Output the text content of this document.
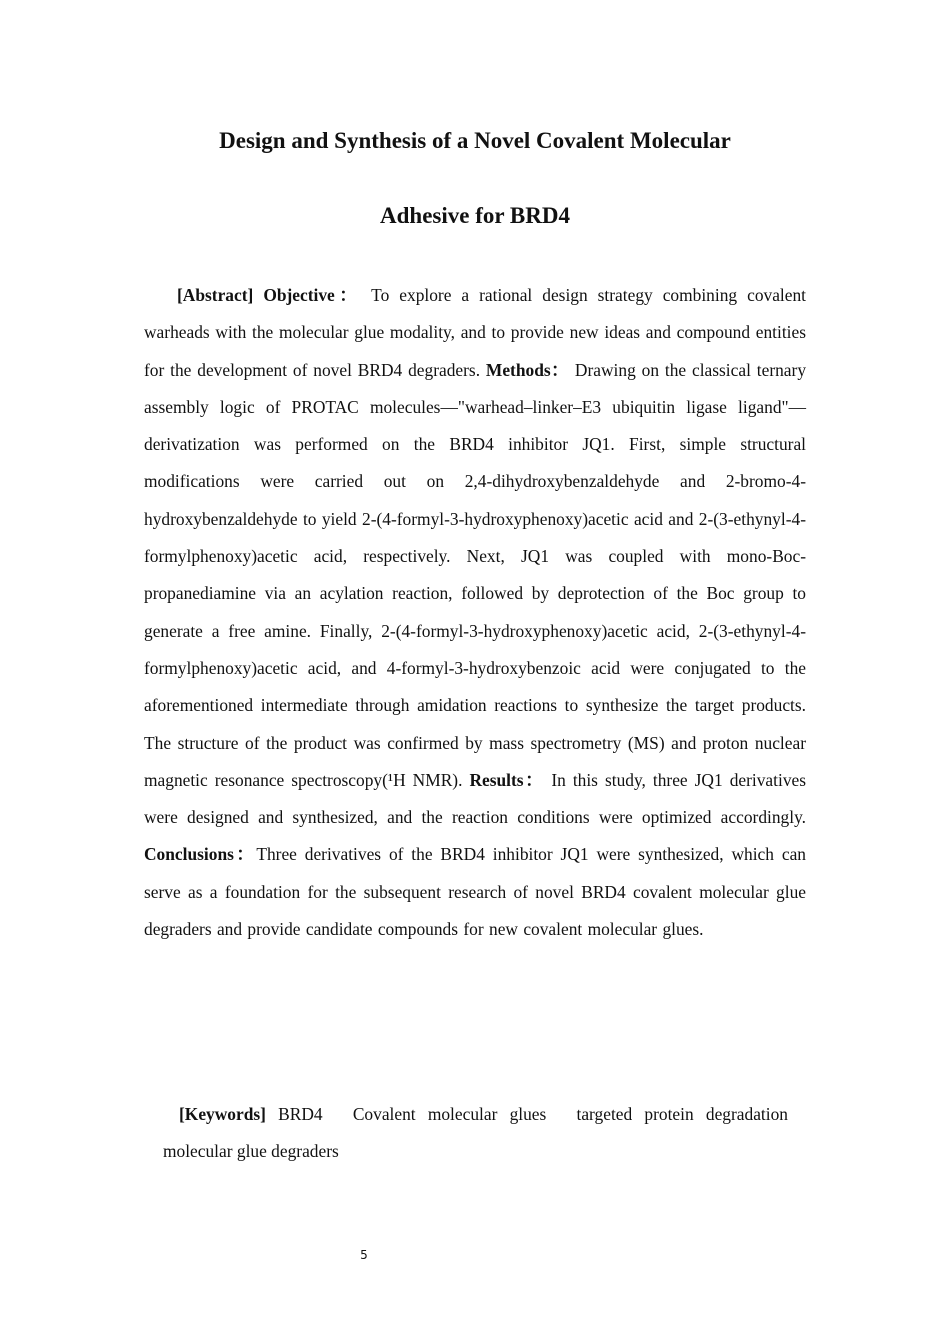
Design and Synthesis of a Novel Covalent Molecular
Adhesive for BRD4

[Abstract] Objective： To explore a rational design strategy combining covalent warheads with the molecular glue modality, and to provide new ideas and compound entities for the development of novel BRD4 degraders. Methods： Drawing on the classical ternary assembly logic of PROTAC molecules—"warhead–linker–E3 ubiquitin ligase ligand"—derivatization was performed on the BRD4 inhibitor JQ1. First, simple structural modifications were carried out on 2,4-dihydroxybenzaldehyde and 2-bromo-4-hydroxybenzaldehyde to yield 2-(4-formyl-3-hydroxyphenoxy)acetic acid and 2-(3-ethynyl-4-formylphenoxy)acetic acid, respectively. Next, JQ1 was coupled with mono-Boc-propanediamine via an acylation reaction, followed by deprotection of the Boc group to generate a free amine. Finally, 2-(4-formyl-3-hydroxyphenoxy)acetic acid, 2-(3-ethynyl-4-formylphenoxy)acetic acid, and 4-formyl-3-hydroxybenzoic acid were conjugated to the aforementioned intermediate through amidation reactions to synthesize the target products. The structure of the product was confirmed by mass spectrometry (MS) and proton nuclear magnetic resonance spectroscopy(¹H NMR). Results： In this study, three JQ1 derivatives were designed and synthesized, and the reaction conditions were optimized accordingly. Conclusions：Three derivatives of the BRD4 inhibitor JQ1 were synthesized, which can serve as a foundation for the subsequent research of novel BRD4 covalent molecular glue degraders and provide candidate compounds for new covalent molecular glues.

[Keywords] BRD4 Covalent molecular glues targeted protein degradation molecular glue degraders

5
